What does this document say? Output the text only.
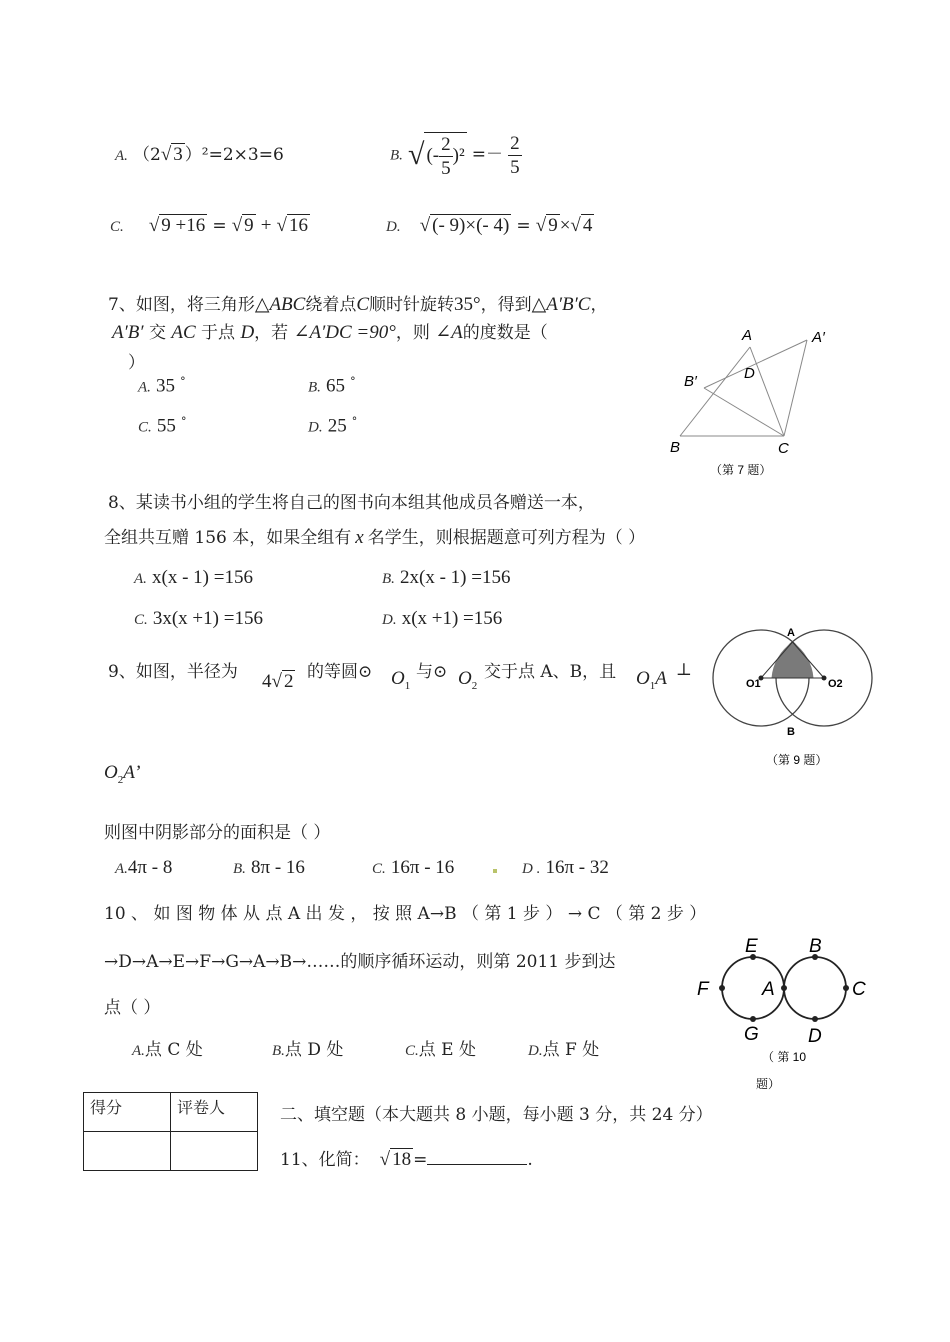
A. （2√ 3 ）²=2×3=6	B. √ (- $\frac{2}{5} )^2 =- \frac{2}{5}$
C. √ 9 +16 = √ 9 + √ 16	D. √ (- 9)×(- 4) = √ 9 ×√ 4
7、如图，将三角形△ABC绕着点C顺时针旋转35°，得到△A′B′C，
A′B′ 交 AC 于点 D，若 ∠A′DC =90°，则 ∠A的度数是（
）
A. 35 °	B. 65 °
C. 55 °	D. 25 °
A	A′
B′	D
B	C
（第 7 题）
8、某读书小组的学生将自己的图书向本组其他成员各赠送一本，
全组共互赠 156 本，如果全组有 x 名学生，则根据题意可列方程为（ ）
A. x(x - 1) =156	B. 2x(x - 1) =156
C. 3x(x +1) =156	D. x(x +1) =156
9、如图，半径为 4√ 2 的等圆⊙ $O_1$
与⊙ $O_2$
交于点 A、B，且 $O_1A$ ⊥
$O_2A$’
则图中阴影部分的面积是（ ）
A.4π - 8	B. 8π - 16	C. 16π - 16	D . 16π - 32
A
O1	O2
B
（第 9 题）
10 、 如 图 物 体 从 点 A 出 发 ， 按 照 A→B （ 第 1 步 ） → C （ 第 2 步 ）
→D→A→E→F→G→A→B→……的顺序循环运动，则第 2011 步到达
点（ ）
A.点 C 处	B.点 D 处	C.点 E 处	D.点 F 处
E	B
F	A	C
G	D
（ 第 10
题）
得分	评卷人
		二、填空题（本大题共 8 小题，每小题 3 分，共 24 分）
11、化简： √ 18 =	.
